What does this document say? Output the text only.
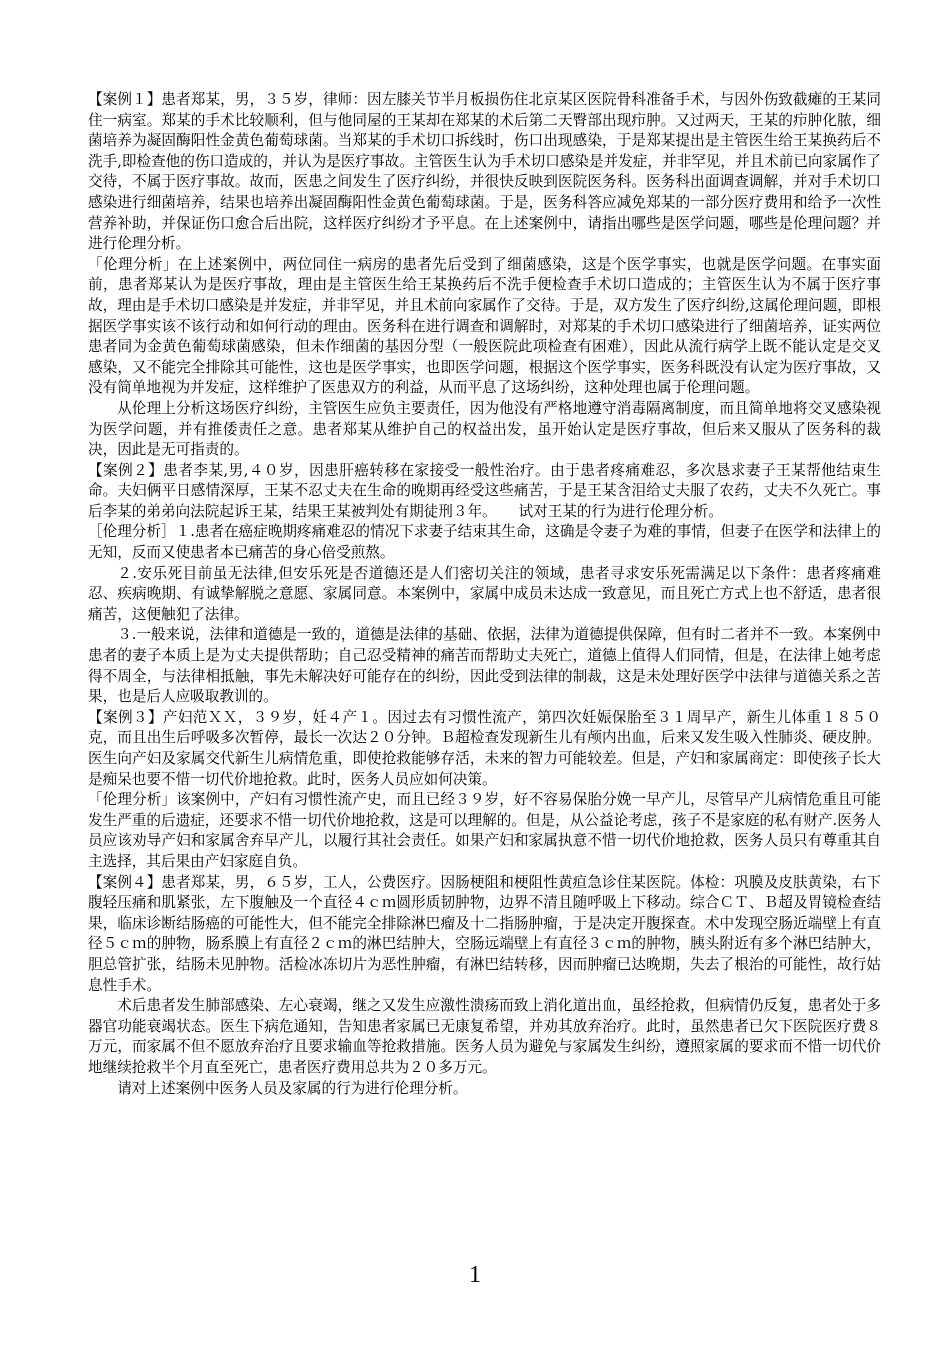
【案例１】患者郑某，男，３５岁，律师：因左膝关节半月板损伤住北京某区医院骨科准备手术，与因外伤致截瘫的王某同住一病室。郑某的手术比较顺利，但与他同屋的王某却在郑某的术后第二天臀部出现疖肿。又过两天，王某的疖肿化脓，细菌培养为凝固酶阳性金黄色葡萄球菌。当郑某的手术切口拆线时，伤口出现感染，于是郑某提出是主管医生给王某换药后不洗手,即检查他的伤口造成的，并认为是医疗事故。主管医生认为手术切口感染是并发症，并非罕见，并且术前已向家属作了交待，不属于医疗事故。故而，医患之间发生了医疗纠纷，并很快反映到医院医务科。医务科出面调查调解，并对手术切口感染进行细菌培养，结果也培养出凝固酶阳性金黄色葡萄球菌。于是，医务科答应减免郑某的一部分医疗费用和给予一次性营养补助，并保证伤口愈合后出院，这样医疗纠纷才予平息。在上述案例中，请指出哪些是医学问题，哪些是伦理问题？并进行伦理分析。

「伦理分析」在上述案例中，两位同住一病房的患者先后受到了细菌感染，这是个医学事实，也就是医学问题。在事实面前，患者郑某认为是医疗事故，理由是主管医生给王某换药后不洗手便检查手术切口造成的；主管医生认为不属于医疗事故，理由是手术切口感染是并发症，并非罕见，并且术前向家属作了交待。于是，双方发生了医疗纠纷,这属伦理问题，即根据医学事实该不该行动和如何行动的理由。医务科在进行调查和调解时，对郑某的手术切口感染进行了细菌培养，证实两位患者同为金黄色葡萄球菌感染，但未作细菌的基因分型（一般医院此项检查有困难），因此从流行病学上既不能认定是交叉感染，又不能完全排除其可能性，这也是医学事实，也即医学问题，根据这个医学事实，医务科既没有认定为医疗事故，又没有简单地视为并发症，这样维护了医患双方的利益，从而平息了这场纠纷，这种处理也属于伦理问题。

从伦理上分析这场医疗纠纷，主管医生应负主要责任，因为他没有严格地遵守消毒隔离制度，而且简单地将交叉感染视为医学问题，并有推倭责任之意。患者郑某从维护自己的权益出发，虽开始认定是医疗事故，但后来又服从了医务科的裁决，因此是无可指责的。

【案例２】患者李某,男,４０岁，因患肝癌转移在家接受一般性治疗。由于患者疼痛难忍，多次恳求妻子王某帮他结束生命。夫妇俩平日感情深厚，王某不忍丈夫在生命的晚期再经受这些痛苦，于是王某含泪给丈夫服了农药，丈夫不久死亡。事后李某的弟弟向法院起诉王某，结果王某被判处有期徒刑３年。　　试对王某的行为进行伦理分析。

［伦理分析］１.患者在癌症晚期疼痛难忍的情况下求妻子结束其生命，这确是令妻子为难的事情，但妻子在医学和法律上的无知，反而又使患者本已痛苦的身心倍受煎熬。

２.安乐死目前虽无法律,但安乐死是否道德还是人们密切关注的领域，患者寻求安乐死需满足以下条件：患者疼痛难忍、疾病晚期、有诚挚解脱之意愿、家属同意。本案例中，家属中成员未达成一致意见，而且死亡方式上也不舒适，患者很痛苦，这便触犯了法律。

３.一般来说，法律和道德是一致的，道德是法律的基础、依据，法律为道德提供保障，但有时二者并不一致。本案例中患者的妻子本质上是为丈夫提供帮助；自己忍受精神的痛苦而帮助丈夫死亡，道德上值得人们同情，但是，在法律上她考虑得不周全，与法律相抵触，事先未解决好可能存在的纠纷，因此受到法律的制裁，这是未处理好医学中法律与道德关系之苦果，也是后人应吸取教训的。

【案例３】产妇范ＸＸ，３９岁，妊４产１。因过去有习惯性流产，第四次妊娠保胎至３１周早产，新生儿体重１８５０克，而且出生后呼吸多次暂停，最长一次达２０分钟。Ｂ超检查发现新生儿有颅内出血，后来又发生吸入性肺炎、硬皮肿。医生向产妇及家属交代新生儿病情危重，即使抢救能够存活，未来的智力可能较差。但是，产妇和家属商定：即使孩子长大是痴呆也要不惜一切代价地抢救。此时，医务人员应如何决策。

「伦理分析」该案例中，产妇有习惯性流产史，而且已经３９岁，好不容易保胎分娩一早产儿，尽管早产儿病情危重且可能发生严重的后遗症，还要求不惜一切代价地抢救，这是可以理解的。但是，从公益论考虑，孩子不是家庭的私有财产.医务人员应该劝导产妇和家属舍弃早产儿，以履行其社会责任。如果产妇和家属执意不惜一切代价地抢救，医务人员只有尊重其自主选择，其后果由产妇家庭自负。

【案例４】患者郑某，男，６５岁，工人，公费医疗。因肠梗阻和梗阻性黄疸急诊住某医院。体检：巩膜及皮肤黄染，右下腹轻压痛和肌紧张，左下腹触及一个直径４ｃｍ圆形质韧肿物，边界不清且随呼吸上下移动。综合ＣＴ、Ｂ超及胃镜检查结果，临床诊断结肠癌的可能性大，但不能完全排除淋巴瘤及十二指肠肿瘤，于是决定开腹探查。术中发现空肠近端壁上有直径５ｃｍ的肿物，肠系膜上有直径２ｃｍ的淋巴结肿大，空肠远端壁上有直径３ｃｍ的肿物，胰头附近有多个淋巴结肿大，胆总管扩张，结肠未见肿物。活检冰冻切片为恶性肿瘤，有淋巴结转移，因而肿瘤已达晚期，失去了根治的可能性，故行姑息性手术。

术后患者发生肺部感染、左心衰竭，继之又发生应激性溃疡而致上消化道出血，虽经抢救，但病情仍反复，患者处于多器官功能衰竭状态。医生下病危通知，告知患者家属已无康复希望，并劝其放弃治疗。此时，虽然患者已欠下医院医疗费８万元，而家属不但不愿放弃治疗且要求输血等抢救措施。医务人员为避免与家属发生纠纷，遵照家属的要求而不惜一切代价地继续抢救半个月直至死亡，患者医疗费用总共为２０多万元。

请对上述案例中医务人员及家属的行为进行伦理分析。

1
